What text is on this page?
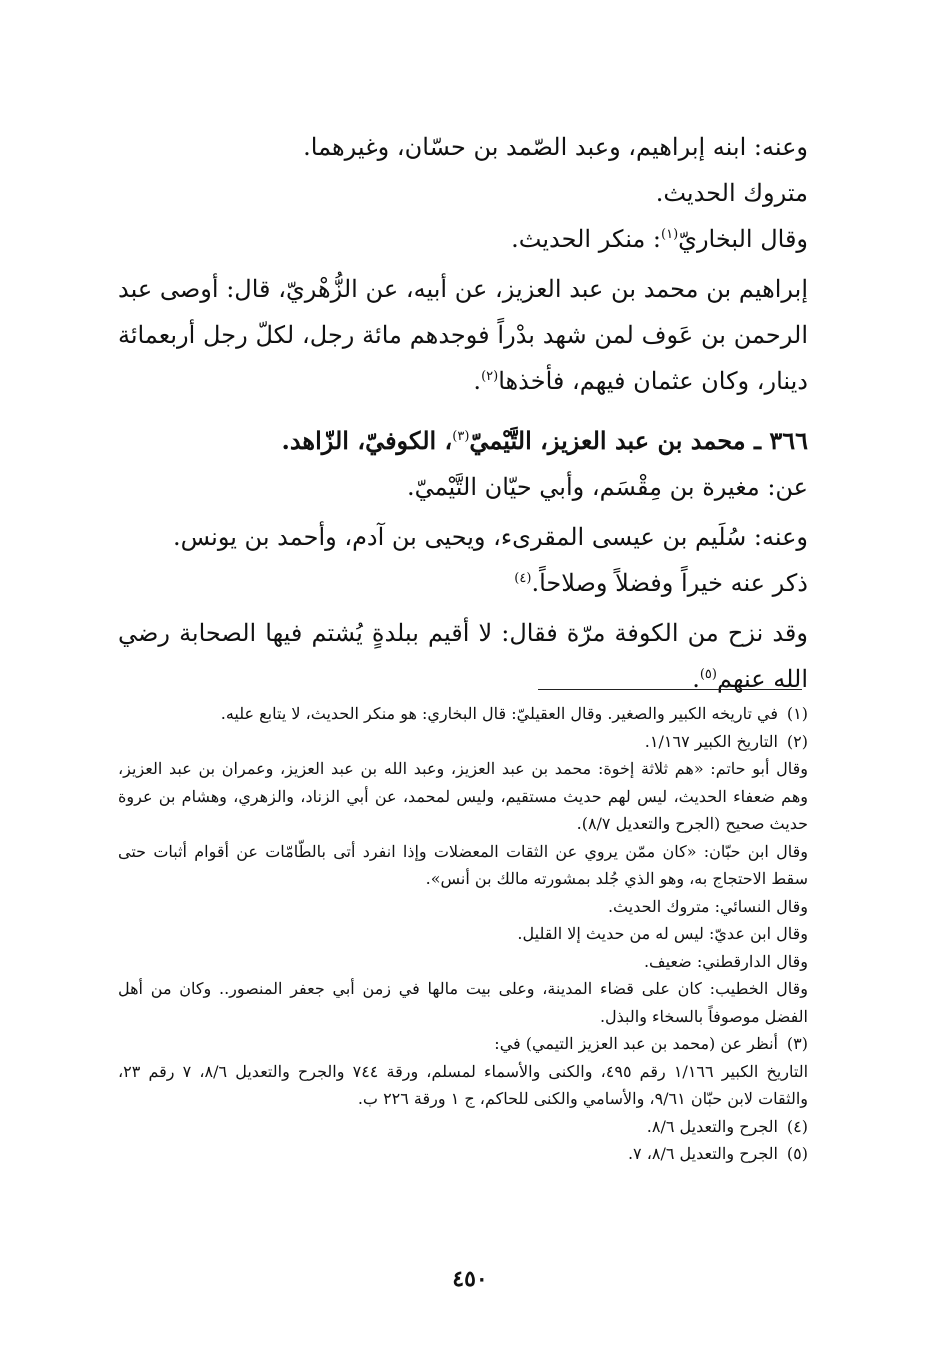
وعنه: ابنه إبراهيم، وعبد الصّمد بن حسّان، وغيرهما.

متروك الحديث.

وقال البخاريّ$^{(١)}$: منكر الحديث.

إبراهيم بن محمد بن عبد العزيز، عن أبيه، عن الزُّهْريّ، قال: أوصى عبد الرحمن بن عَوف لمن شهد بدْراً فوجدهم مائة رجل، لكلّ رجل أربعمائة دينار، وكان عثمان فيهم، فأخذها$^{(٢)}$.

٣٦٦ ـ محمد بن عبد العزيز، التَّيْميّ$^{(٣)}$، الكوفيّ، الزّاهد.

عن: مغيرة بن مِقْسَم، وأبي حيّان التَّيْميّ.

وعنه: سُلَيم بن عيسى المقرىء، ويحيى بن آدم، وأحمد بن يونس.

ذكر عنه خيراً وفضلاً وصلاحاً.$^{(٤)}$

وقد نزح من الكوفة مرّة فقال: لا أقيم ببلدةٍ يُشتم فيها الصحابة رضي الله عنهم$^{(٥)}$.

(١)في تاريخه الكبير والصغير. وقال العقيليّ: قال البخاري: هو منكر الحديث، لا يتابع عليه.

(٢)التاريخ الكبير ١/١٦٧.

وقال أبو حاتم: «هم ثلاثة إخوة: محمد بن عبد العزيز، وعبد الله بن عبد العزيز، وعمران بن عبد العزيز، وهم ضعفاء الحديث، ليس لهم حديث مستقيم، وليس لمحمد، عن أبي الزناد، والزهري، وهشام بن عروة حديث صحيح (الجرح والتعديل ٨/٧).

وقال ابن حبّان: «كان ممّن يروي عن الثقات المعضلات وإذا انفرد أتى بالطّامّات عن أقوام أثبات حتى سقط الاحتجاج به، وهو الذي جُلد بمشورته مالك بن أنس».

وقال النسائي: متروك الحديث.

وقال ابن عديّ: ليس له من حديث إلا القليل.

وقال الدارقطني: ضعيف.

وقال الخطيب: كان على قضاء المدينة، وعلى بيت مالها في زمن أبي جعفر المنصور.. وكان من أهل الفضل موصوفاً بالسخاء والبذل.

(٣)أنظر عن (محمد بن عبد العزيز التيمي) في:

التاريخ الكبير ١/١٦٦ رقم ٤٩٥، والكنى والأسماء لمسلم، ورقة ٧٤٤ والجرح والتعديل ٨/٦، ٧ رقم ٢٣، والثقات لابن حبّان ٩/٦١، والأسامي والكنى للحاكم، ج ١ ورقة ٢٢٦ ب.

(٤)الجرح والتعديل ٨/٦.

(٥)الجرح والتعديل ٨/٦، ٧.

٤٥٠
